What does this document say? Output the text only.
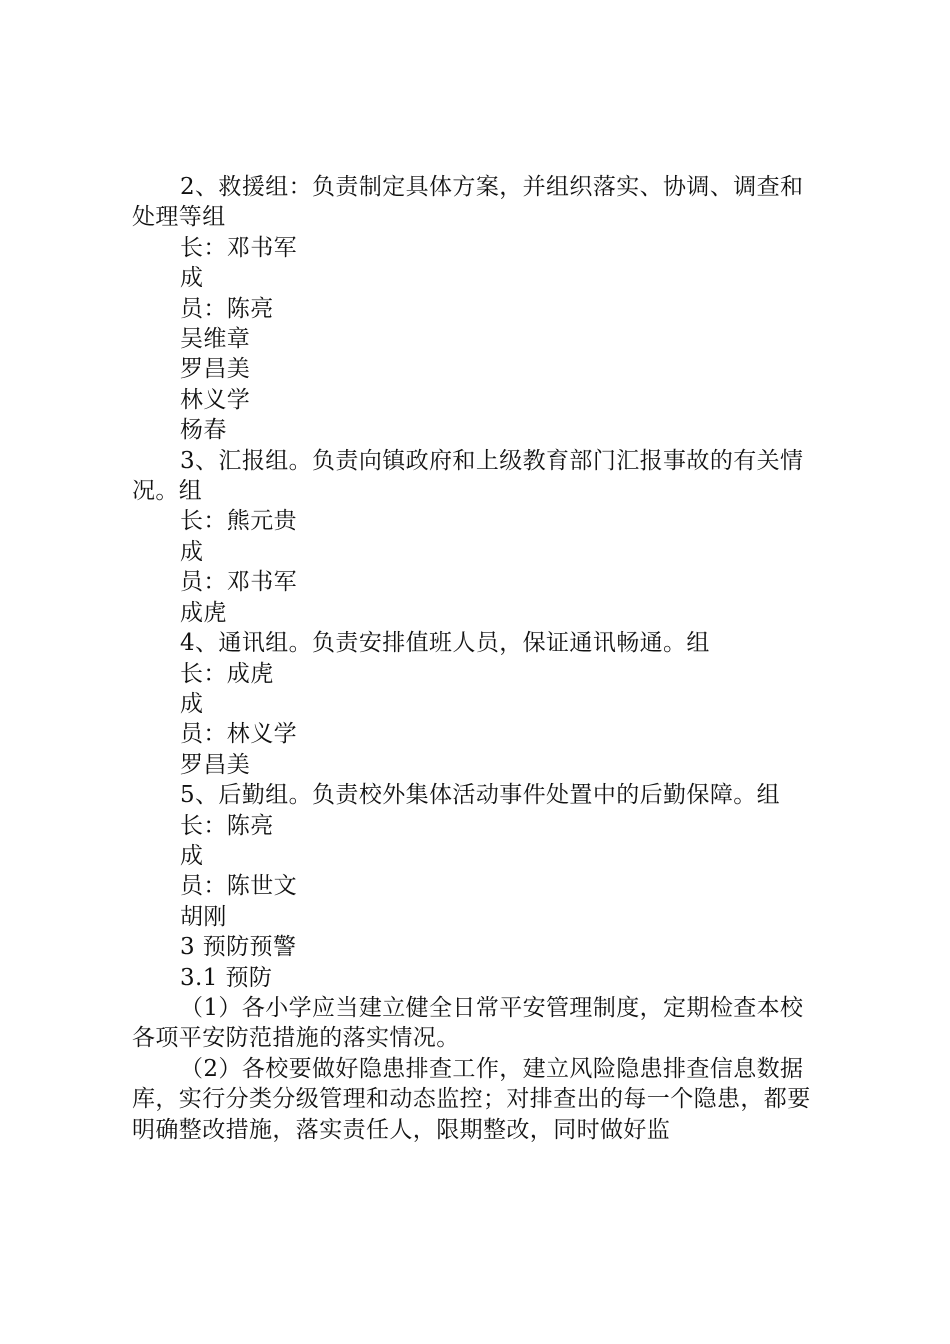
2、救援组：负责制定具体方案，并组织落实、协调、调查和处理等组

长：邓书军

成

员：陈亮

吴维章

罗昌美

林义学

杨春

3、汇报组。负责向镇政府和上级教育部门汇报事故的有关情况。组

长：熊元贵

成

员：邓书军

成虎

4、通讯组。负责安排值班人员，保证通讯畅通。组

长：成虎

成

员：林义学

罗昌美

5、后勤组。负责校外集体活动事件处置中的后勤保障。组

长：陈亮

成

员：陈世文

胡刚

3 预防预警

3.1 预防

（1）各小学应当建立健全日常平安管理制度，定期检查本校各项平安防范措施的落实情况。

（2）各校要做好隐患排查工作，建立风险隐患排查信息数据库，实行分类分级管理和动态监控；对排查出的每一个隐患，都要明确整改措施，落实责任人，限期整改，同时做好监
